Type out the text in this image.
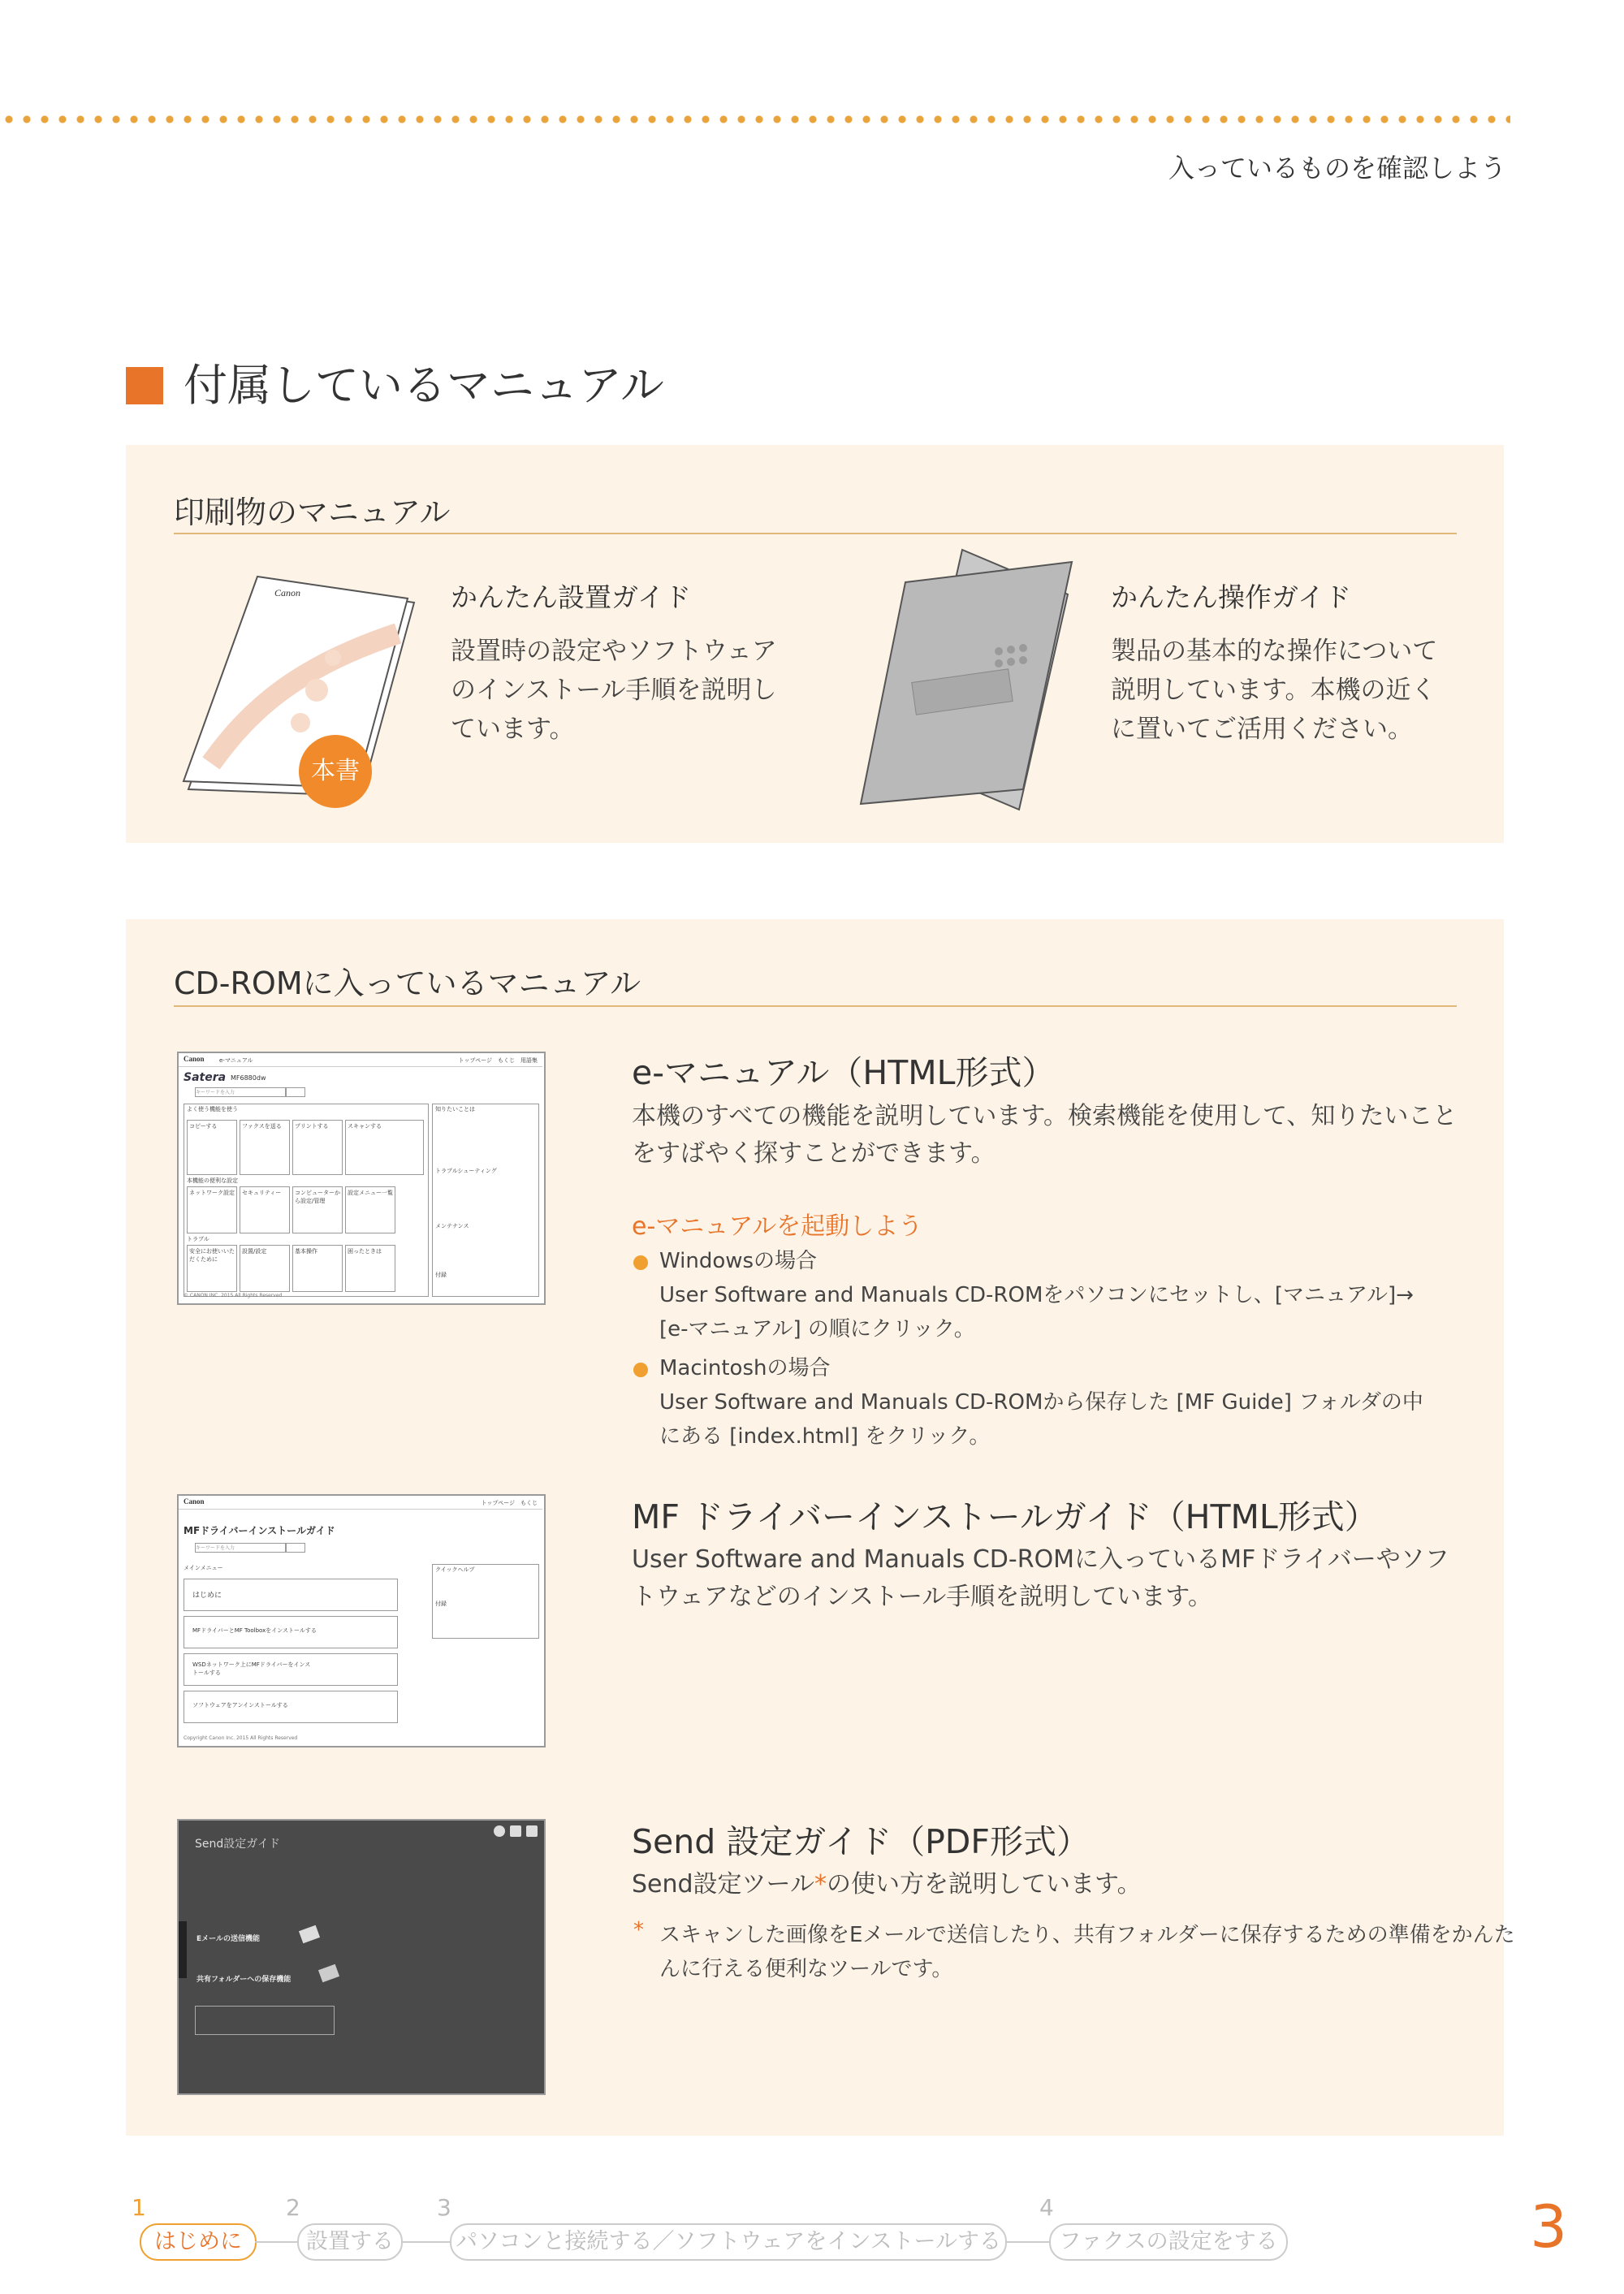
入っているものを確認しよう
付属しているマニュアル
印刷物のマニュアル
Canon
本書
かんたん設置ガイド
設置時の設定やソフトウェア
のインストール手順を説明し
ています。
かんたん操作ガイド
製品の基本的な操作について
説明しています。本機の近く
に置いてご活用ください。
CD-ROMに入っているマニュアル
Canon	e-マニュアル	トップページ　もくじ　用語集
Satera MF6880dw
キーワードを入力
よく使う機能を使う
コピーする	ファクスを送る	プリントする	スキャンする
本機能の便利な設定
ネットワーク設定 セキュリティー	コンピューターから設定/管理
設定メニュー一覧
トラブル
安全にお使いいただくために
設置/設定	基本操作	困ったときは
知りたいことは
トラブルシューティング
メンテナンス
付録
© CANON INC. 2015 All Rights Reserved
e-マニュアル（HTML形式）
本機のすべての機能を説明しています。検索機能を使用して、知りたいこと
をすばやく探すことができます。
e-マニュアルを起動しよう
Windowsの場合
User Software and Manuals CD-ROMをパソコンにセットし、[マニュアル]→
[e-マニュアル] の順にクリック。
Macintoshの場合
User Software and Manuals CD-ROMから保存した [MF Guide] フォルダの中
にある [index.html] をクリック。
Canon	トップページ　もくじ
MFドライバーインストールガイド
キーワードを入力
メインメニュー
はじめに
MFドライバーとMF Toolboxをインストールする
WSDネットワーク上にMFドライバーをインストールする
ソフトウェアをアンインストールする
クイックヘルプ
付録
Copyright Canon Inc. 2015 All Rights Reserved
MF ドライバーインストールガイド（HTML形式）
User Software and Manuals CD-ROMに入っているMFドライバーやソフ
トウェアなどのインストール手順を説明しています。
Send設定ガイド
Eメールの送信機能
共有フォルダーへの保存機能
Send 設定ガイド（PDF形式）
Send設定ツール*の使い方を説明しています。
* スキャンした画像をEメールで送信したり、共有フォルダーに保存するための準備をかんた
んに行える便利なツールです。
1
はじめに
2
設置する
3
パソコンと接続する／ソフトウェアをインストールする
4
ファクスの設定をする	3
